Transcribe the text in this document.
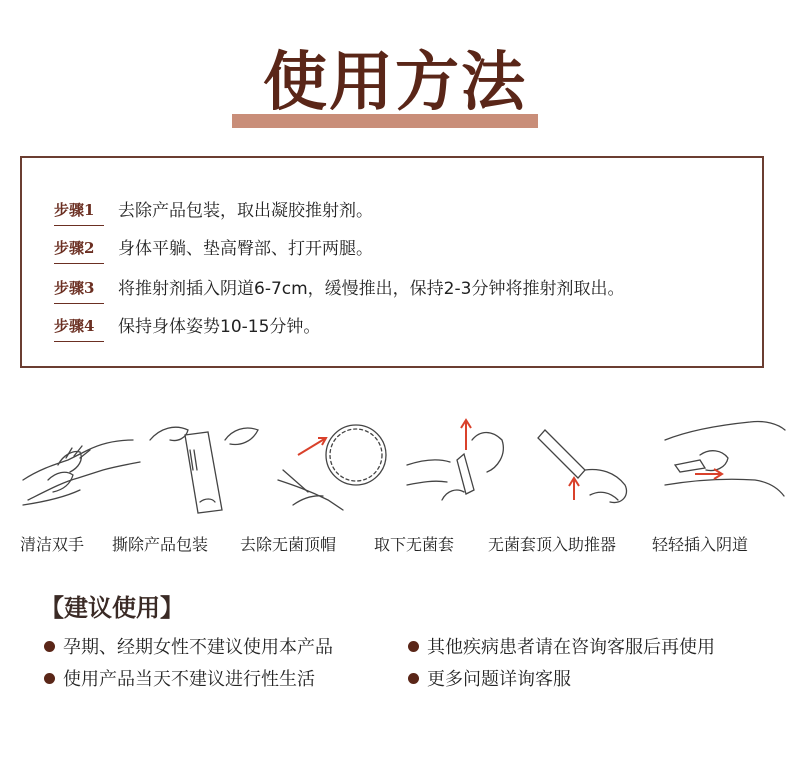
使用方法
步骤1	去除产品包装，取出凝胶推射剂。
步骤2	身体平躺、垫高臀部、打开两腿。
步骤3	将推射剂插入阴道6-7cm，缓慢推出，保持2-3分钟将推射剂取出。
步骤4	保持身体姿势10-15分钟。
清洁双手 撕除产品包装 去除无菌顶帽 取下无菌套 无菌套顶入助推器 轻轻插入阴道
【建议使用】
孕期、经期女性不建议使用本产品	其他疾病患者请在咨询客服后再使用
使用产品当天不建议进行性生活	更多问题详询客服
